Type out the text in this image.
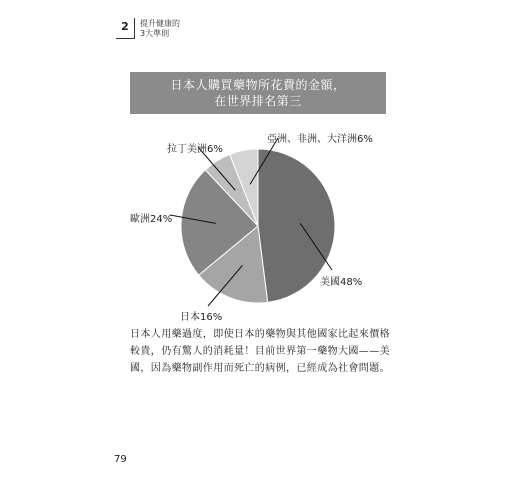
2	提升健康的
3大準則
日本人購買藥物所花費的金額，
在世界排名第三
美國48%
日本16%
歐洲24%
拉丁美洲6%
亞洲、非洲、大洋洲6%
日本人用藥過度，即使日本的藥物與其他國家比起來價格較貴，仍有驚人的消耗量！目前世界第一藥物大國——美國，因為藥物副作用而死亡的病例，已經成為社會問題。
79
